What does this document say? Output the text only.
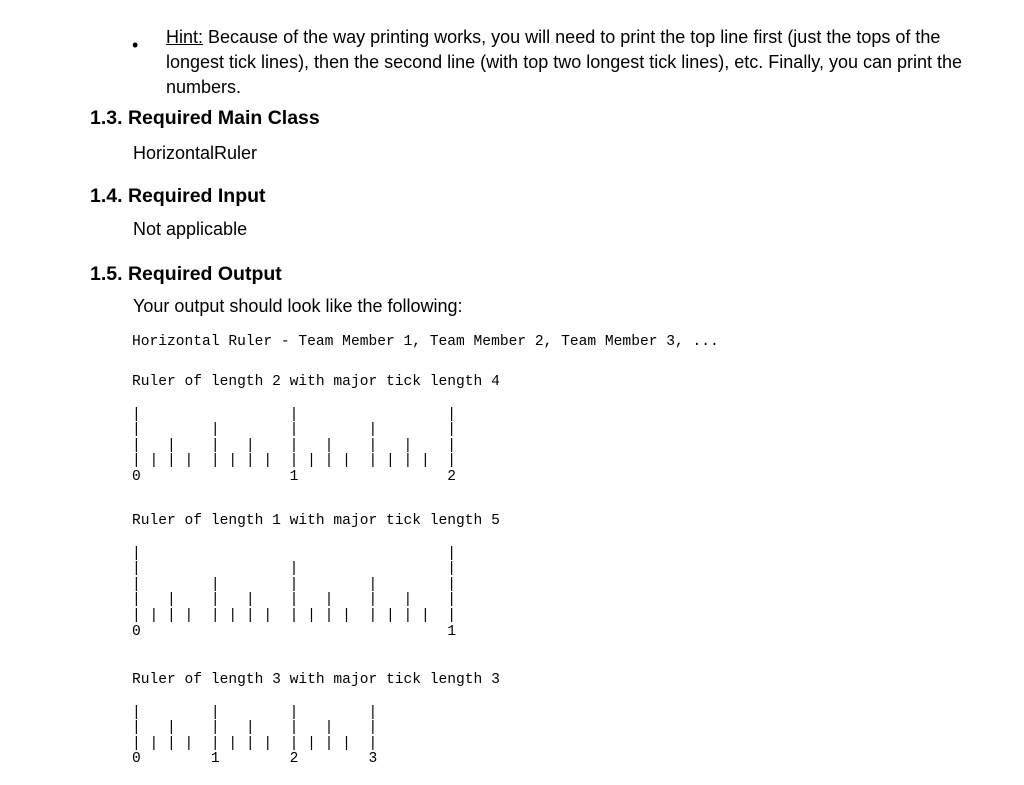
• Hint: Because of the way printing works, you will need to print the top line first (just the tops of the longest tick lines), then the second line (with top two longest tick lines), etc. Finally, you can print the numbers.

1.3. Required Main Class

HorizontalRuler

1.4. Required Input

Not applicable

1.5. Required Output

Your output should look like the following:

Horizontal Ruler - Team Member 1, Team Member 2, Team Member 3, ...
Ruler of length 2 with major tick length 4

|                 |                 |
|        |        |        |        |
|   |    |   |    |   |    |   |    |
| | | |  | | | |  | | | |  | | | |  |
0                 1                 2

Ruler of length 1 with major tick length 5

|                                   |
|                 |                 |
|        |        |        |        |
|   |    |   |    |   |    |   |    |
| | | |  | | | |  | | | |  | | | |  |
0                                   1

Ruler of length 3 with major tick length 3

|        |        |        |
|   |    |   |    |   |    |
| | | |  | | | |  | | | |  |
0        1        2        3
